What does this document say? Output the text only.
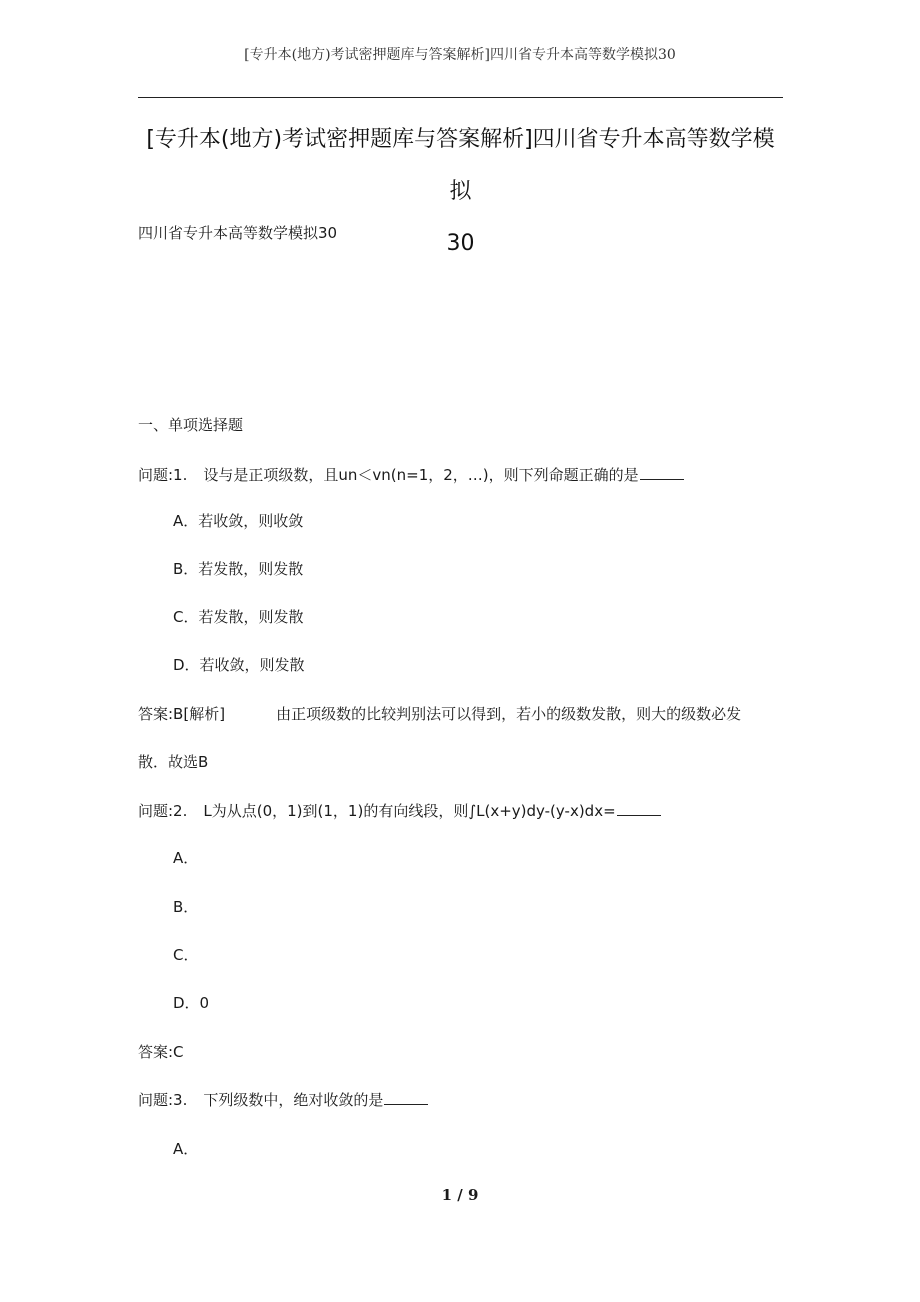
[专升本(地方)考试密押题库与答案解析]四川省专升本高等数学模拟30
[专升本(地方)考试密押题库与答案解析]四川省专升本高等数学模拟
30
四川省专升本高等数学模拟30
一、单项选择题
问题:1. 设与是正项级数，且un＜vn(n=1，2，…)，则下列命题正确的是
A．若收敛，则收敛
B．若发散，则发散
C．若发散，则发散
D．若收敛，则发散
答案:B[解析]	由正项级数的比较判别法可以得到，若小的级数发散，则大的级数必发
散．故选B
问题:2. L为从点(0，1)到(1，1)的有向线段，则∫L(x+y)dy-(y-x)dx=
A．
B．
C．
D．0
答案:C
问题:3. 下列级数中，绝对收敛的是
A．
1 / 9
